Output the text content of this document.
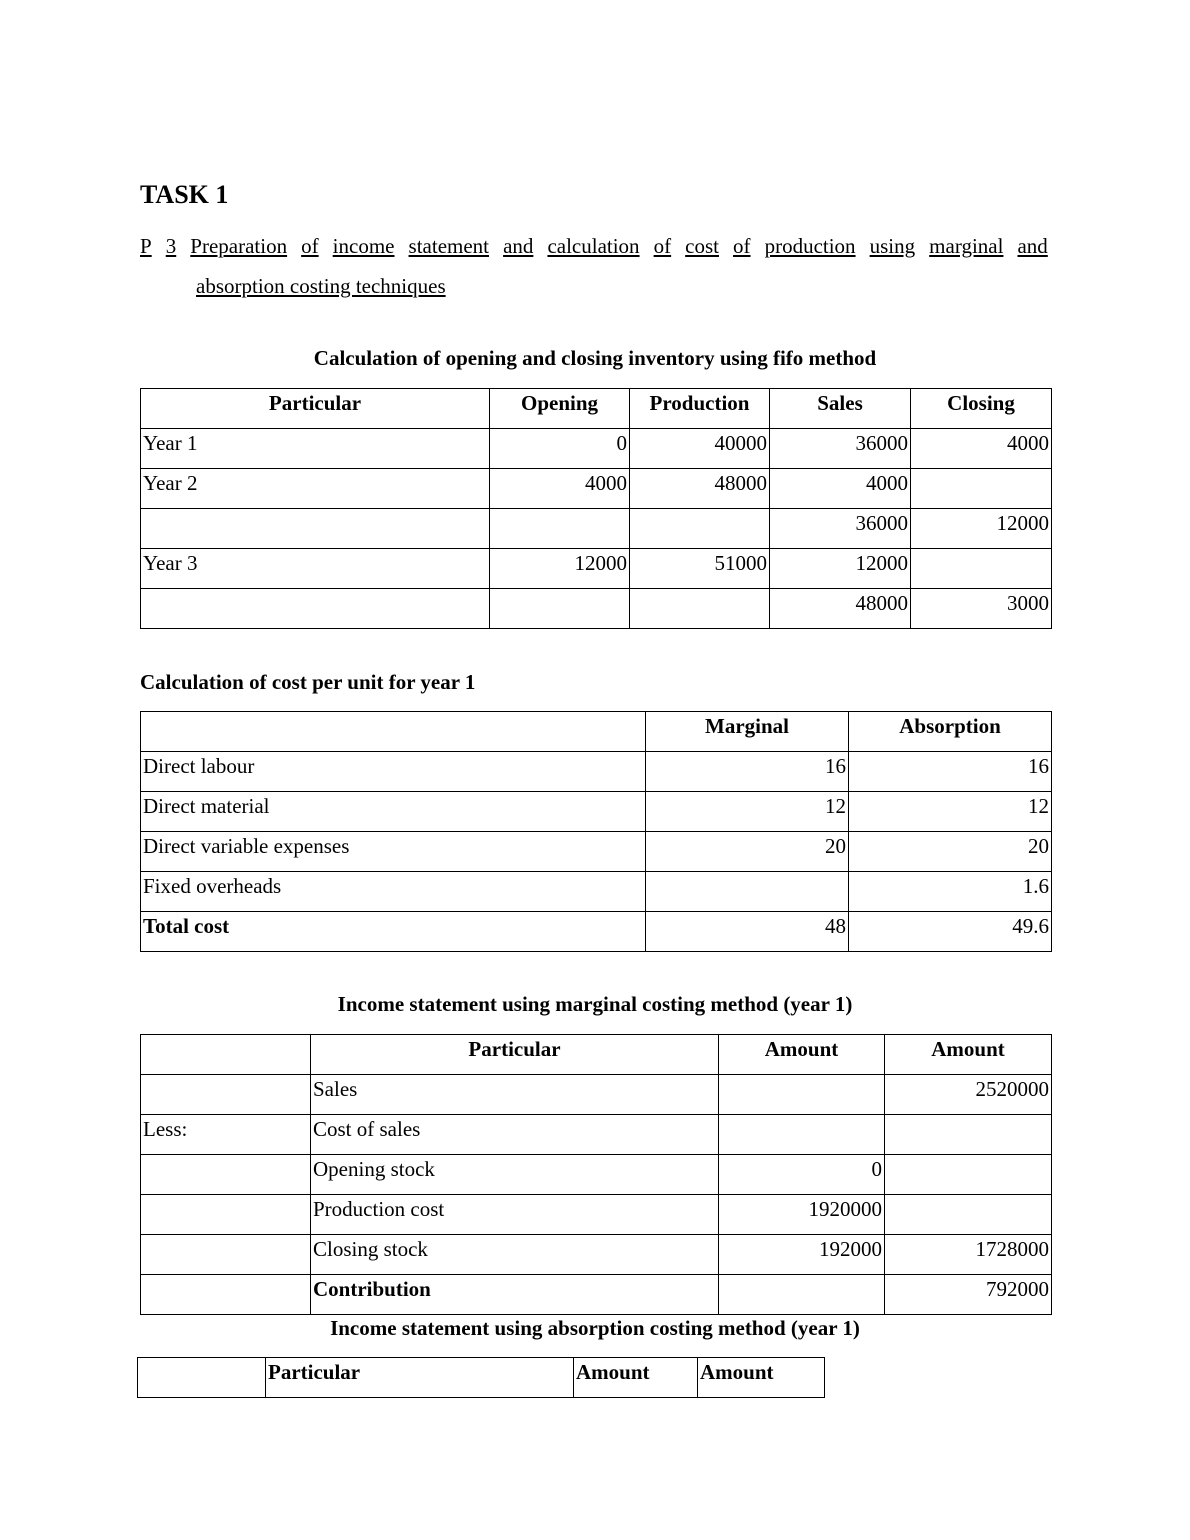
TASK 1
P 3 Preparation of income statement and calculation of cost of production using marginal and
absorption costing techniques
Calculation of opening and closing inventory using fifo method
Particular	Opening	Production	Sales	Closing
Year 1	0	40000	36000	4000
Year 2	4000	48000	4000	
			36000	12000
Year 3	12000	51000	12000	
			48000	3000
Calculation of cost per unit for year 1
	Marginal	Absorption
Direct labour	16	16
Direct material	12	12
Direct variable expenses	20	20
Fixed overheads		1.6
Total cost	48	49.6
Income statement using marginal costing method (year 1)
	Particular	Amount	Amount
	Sales		2520000
Less:	Cost of sales		
	Opening stock	0	
	Production cost	1920000	
	Closing stock	192000	1728000
	Contribution		792000
Income statement using absorption costing method (year 1)
	Particular	Amount	Amount
